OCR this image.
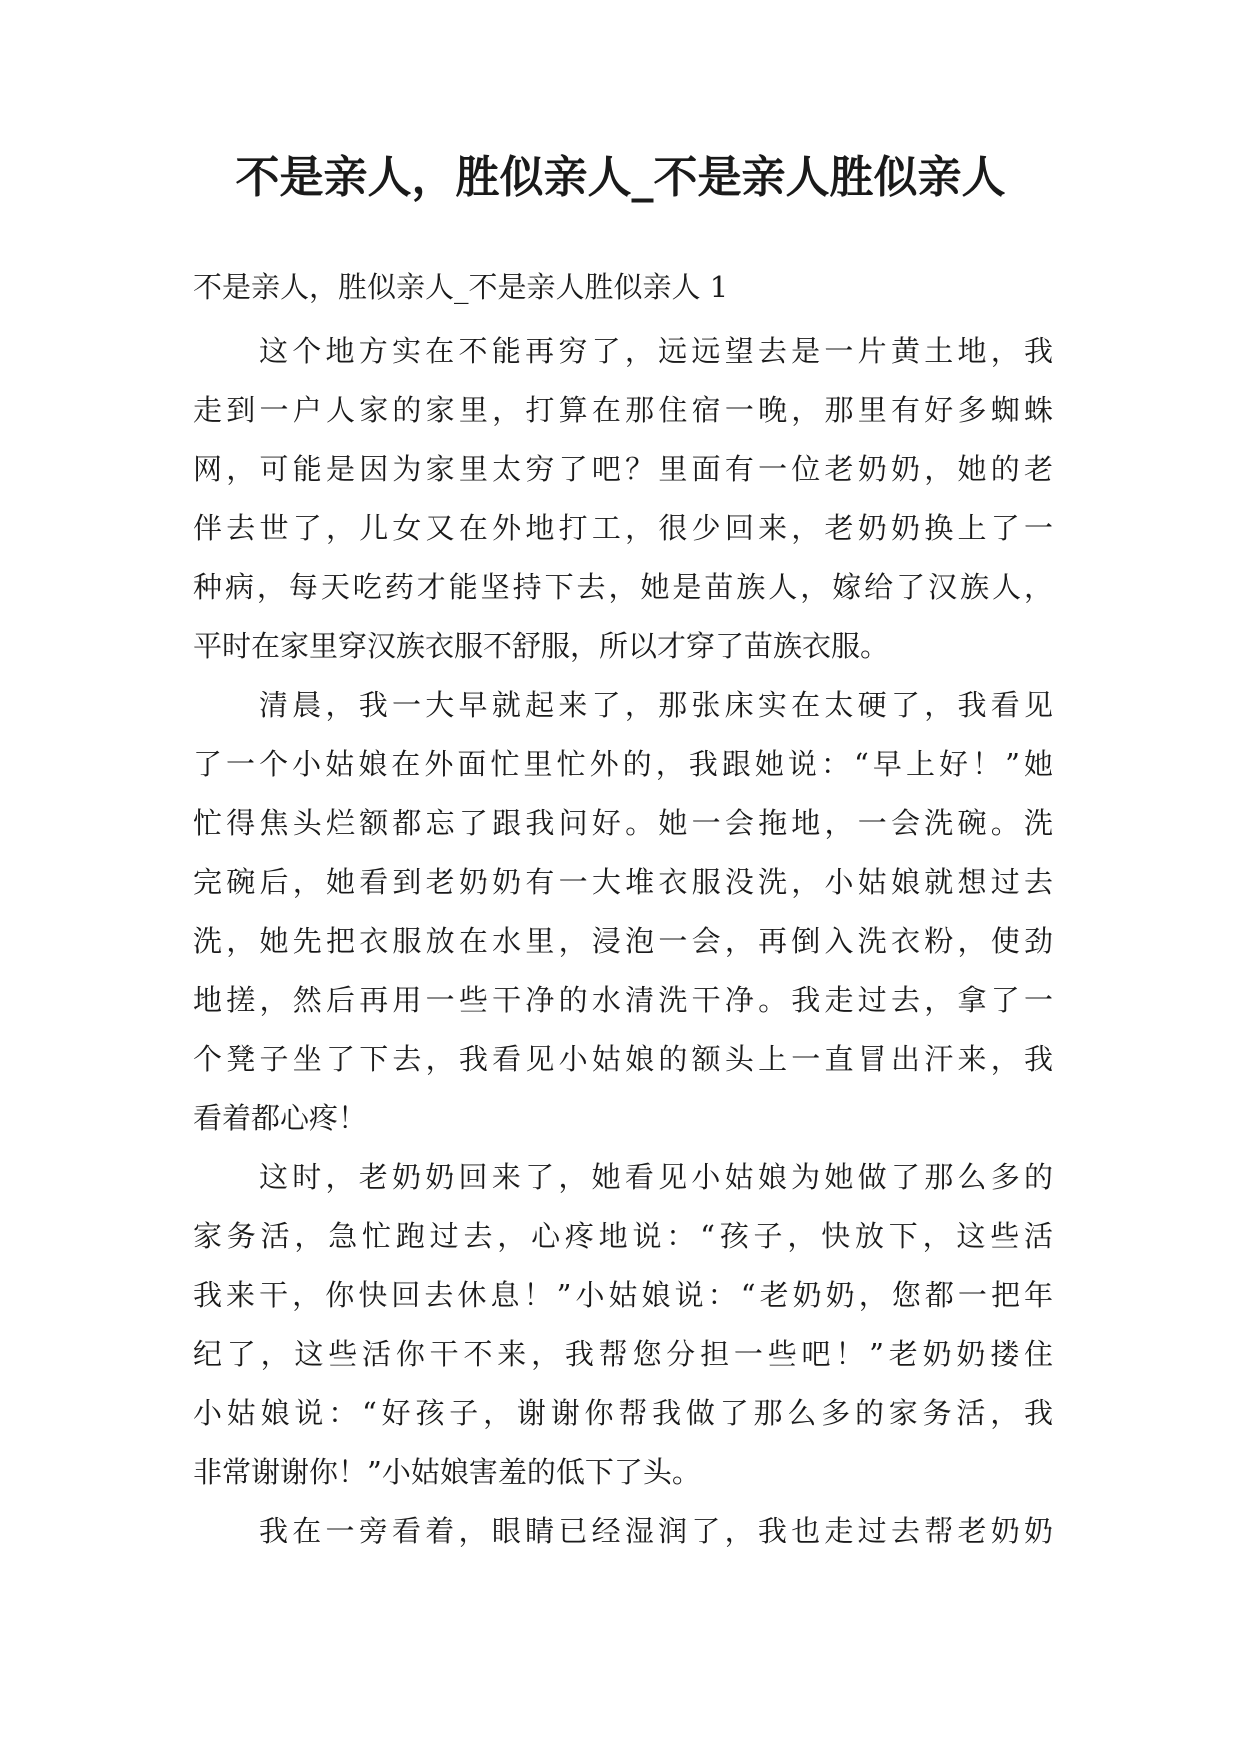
不是亲人，胜似亲人_不是亲人胜似亲人
不是亲人，胜似亲人_不是亲人胜似亲人 1
这个地方实在不能再穷了，远远望去是一片黄土地，我
走到一户人家的家里，打算在那住宿一晚，那里有好多蜘蛛
网，可能是因为家里太穷了吧？里面有一位老奶奶，她的老
伴去世了，儿女又在外地打工，很少回来，老奶奶换上了一
种病，每天吃药才能坚持下去，她是苗族人，嫁给了汉族人，
平时在家里穿汉族衣服不舒服，所以才穿了苗族衣服。
清晨，我一大早就起来了，那张床实在太硬了，我看见
了一个小姑娘在外面忙里忙外的，我跟她说：“早上好！”她
忙得焦头烂额都忘了跟我问好。她一会拖地，一会洗碗。洗
完碗后，她看到老奶奶有一大堆衣服没洗，小姑娘就想过去
洗，她先把衣服放在水里，浸泡一会，再倒入洗衣粉，使劲
地搓，然后再用一些干净的水清洗干净。我走过去，拿了一
个凳子坐了下去，我看见小姑娘的额头上一直冒出汗来，我
看着都心疼！
这时，老奶奶回来了，她看见小姑娘为她做了那么多的
家务活，急忙跑过去，心疼地说：“孩子，快放下，这些活
我来干，你快回去休息！”小姑娘说：“老奶奶，您都一把年
纪了，这些活你干不来，我帮您分担一些吧！”老奶奶搂住
小姑娘说：“好孩子，谢谢你帮我做了那么多的家务活，我
非常谢谢你！”小姑娘害羞的低下了头。
我在一旁看着，眼睛已经湿润了，我也走过去帮老奶奶
